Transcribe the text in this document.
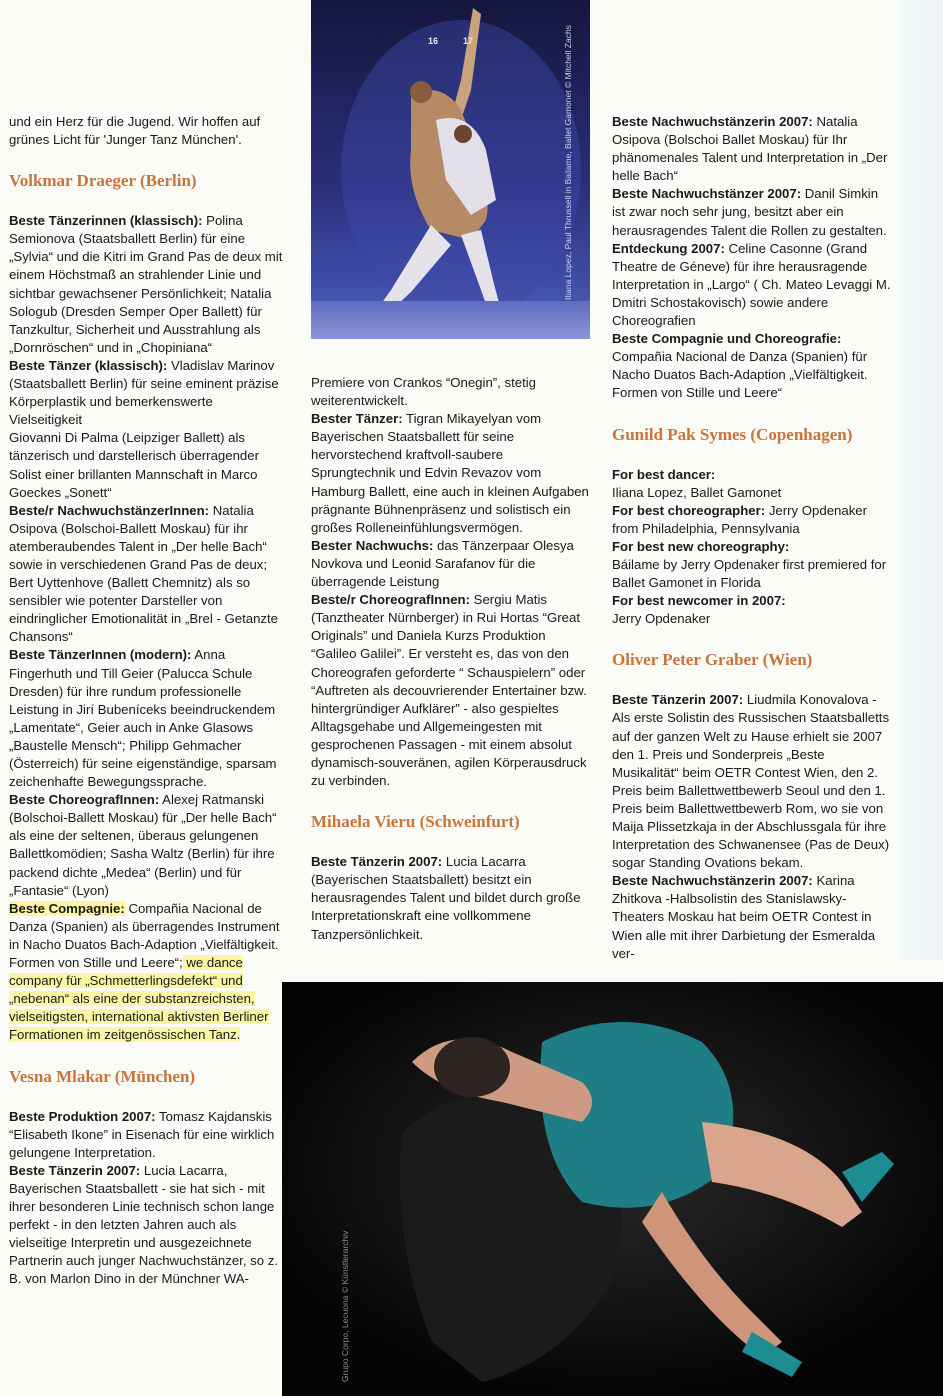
16	17	Iliana Lopez, Paul Thrussell in Bailame, Ballet Gamonet © Mitchell Zachs
Grupo Corpo, Lecuona © Künstlerarchiv

und ein Herz für die Jugend. Wir hoffen auf grünes Licht für 'Junger Tanz München'.

Volkmar Draeger (Berlin)

Beste Tänzerinnen (klassisch): Polina Semionova (Staatsballett Berlin) für eine „Sylvia“ und die Kitri im Grand Pas de deux mit einem Höchstmaß an strahlender Linie und sichtbar gewachsener Persönlichkeit; Natalia Sologub (Dresden Semper Oper Ballett) für Tanzkultur, Sicherheit und Ausstrahlung als „Dornröschen“ und in „Chopiniana“

Beste Tänzer (klassisch): Vladislav Marinov (Staatsballett Berlin) für seine eminent präzise Körperplastik und bemerkenswerte Vielseitigkeit

Giovanni Di Palma (Leipziger Ballett) als tänzerisch und darstellerisch überragender Solist einer brillanten Mannschaft in Marco Goeckes „Sonett“

Beste/r NachwuchstänzerInnen: Natalia Osipova (Bolschoi-Ballett Moskau) für ihr atemberaubendes Talent in „Der helle Bach“ sowie in verschiedenen Grand Pas de deux; Bert Uyttenhove (Ballett Chemnitz) als so sensibler wie potenter Darsteller von eindringlicher Emotionalität in „Brel - Getanzte Chansons“

Beste TänzerInnen (modern): Anna Fingerhuth und Till Geier (Palucca Schule Dresden) für ihre rundum professionelle Leistung in Jirí Bubeníceks beeindruckendem „Lamentate“, Geier auch in Anke Glasows „Baustelle Mensch“; Philipp Gehmacher (Österreich) für seine eigenständige, sparsam zeichenhafte Bewegungssprache.

Beste ChoreografInnen: Alexej Ratmanski (Bolschoi-Ballett Moskau) für „Der helle Bach“ als eine der seltenen, überaus gelungenen Ballettkomödien; Sasha Waltz (Berlin) für ihre packend dichte „Medea“ (Berlin) und für „Fantasie“ (Lyon)

Beste Compagnie: Compañia Nacional de Danza (Spanien) als überragendes Instrument in Nacho Duatos Bach-Adaption „Vielfältigkeit. Formen von Stille und Leere“; we dance company für „Schmetterlingsdefekt“ und „nebenan“ als eine der substanzreichsten, vielseitigsten, international aktivsten Berliner Formationen im zeitgenössischen Tanz.

Vesna Mlakar (München)

Beste Produktion 2007: Tomasz Kajdanskis “Elisabeth Ikone” in Eisenach für eine wirklich gelungene Interpretation.

Beste Tänzerin 2007: Lucia Lacarra, Bayerischen Staatsballett - sie hat sich - mit ihrer besonderen Linie technisch schon lange perfekt - in den letzten Jahren auch als vielseitige Interpretin und ausgezeichnete Partnerin auch junger Nachwuchstänzer, so z. B. von Marlon Dino in der Münchner WA-

Premiere von Crankos “Onegin”, stetig weiterentwickelt.

Bester Tänzer: Tigran Mikayelyan vom Bayerischen Staatsballett für seine hervorstechend kraftvoll-saubere Sprungtechnik und Edvin Revazov vom Hamburg Ballett, eine auch in kleinen Aufgaben prägnante Bühnenpräsenz und solistisch ein großes Rolleneinfühlungsvermögen.

Bester Nachwuchs: das Tänzerpaar Olesya Novkova und Leonid Sarafanov für die überragende Leistung

Beste/r ChoreografInnen: Sergiu Matis (Tanztheater Nürnberger) in Rui Hortas “Great Originals” und Daniela Kurzs Produktion “Galileo Galilei”. Er versteht es, das von den Choreografen geforderte “ Schauspielern” oder “Auftreten als decouvrierender Entertainer bzw. hintergründiger Aufklärer” - also gespieltes Alltagsgehabe und Allgemeingesten mit gesprochenen Passagen - mit einem absolut dynamisch-souveränen, agilen Körperausdruck zu verbinden.

Mihaela Vieru (Schweinfurt)

Beste Tänzerin 2007: Lucia Lacarra (Bayerischen Staatsballett) besitzt ein herausragendes Talent und bildet durch große Interpretationskraft eine vollkommene Tanzpersönlichkeit.

Beste Nachwuchstänzerin 2007: Natalia Osipova (Bolschoi Ballet Moskau) für Ihr phänomenales Talent und Interpretation in „Der helle Bach“

Beste Nachwuchstänzer 2007: Danil Simkin ist zwar noch sehr jung, besitzt aber ein herausragendes Talent die Rollen zu gestalten.

Entdeckung 2007: Celine Casonne (Grand Theatre de Géneve) für ihre herausragende Interpretation in „Largo“ ( Ch. Mateo Levaggi M. Dmitri Schostakovisch) sowie andere Choreografien

Beste Compagnie und Choreografie:

Compañia Nacional de Danza (Spanien) für Nacho Duatos Bach-Adaption „Vielfältigkeit. Formen von Stille und Leere“

Gunild Pak Symes (Copenhagen)

For best dancer:

Iliana Lopez, Ballet Gamonet

For best choreographer: Jerry Opdenaker from Philadelphia, Pennsylvania

For best new choreography:

Báilame by Jerry Opdenaker first premiered for Ballet Gamonet in Florida

For best newcomer in 2007:

Jerry Opdenaker

Oliver Peter Graber (Wien)

Beste Tänzerin 2007: Liudmila Konovalova - Als erste Solistin des Russischen Staatsballetts auf der ganzen Welt zu Hause erhielt sie 2007 den 1. Preis und Sonderpreis „Beste Musikalität“ beim OETR Contest Wien, den 2. Preis beim Ballettwettbewerb Seoul und den 1. Preis beim Ballettwettbewerb Rom, wo sie von Maija Plissetzkaja in der Abschlussgala für ihre Interpretation des Schwanensee (Pas de Deux) sogar Standing Ovations bekam.

Beste Nachwuchstänzerin 2007: Karina Zhitkova -Halbsolistin des Stanislawsky-Theaters Moskau hat beim OETR Contest in Wien alle mit ihrer Darbietung der Esmeralda ver-
